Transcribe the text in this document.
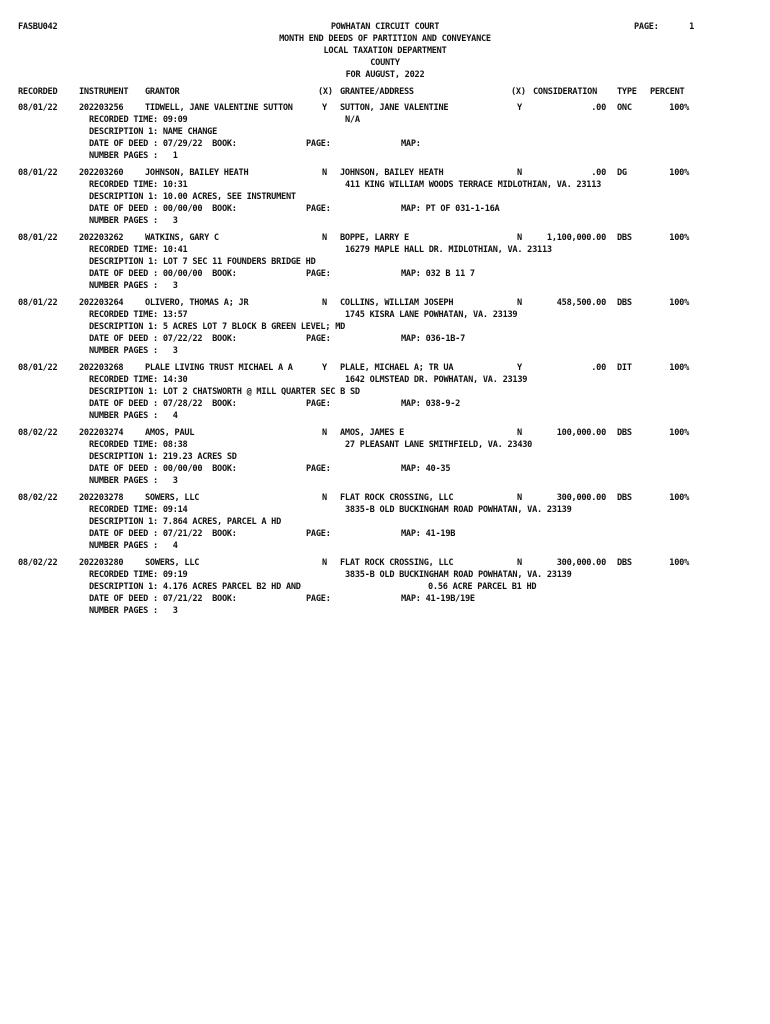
FASBU042	POWHATAN CIRCUIT COURT
MONTH END DEEDS OF PARTITION AND CONVEYANCE
LOCAL TAXATION DEPARTMENT
COUNTY
FOR AUGUST, 2022
PAGE:	1
RECORDED	INSTRUMENT GRANTOR	(X) GRANTEE/ADDRESS	(X) CONSIDERATION TYPE PERCENT
08/01/22	202203256	TIDWELL, JANE VALENTINE SUTTON	Y SUTTON, JANE VALENTINE	Y	.00 ONC	100%
RECORDED TIME: 09:09	N/A
DESCRIPTION 1: NAME CHANGE
DATE OF DEED : 07/29/22  BOOK:	PAGE:	MAP:
NUMBER PAGES :   1
08/01/22	202203260	JOHNSON, BAILEY HEATH	N JOHNSON, BAILEY HEATH	N	.00 DG	100%
RECORDED TIME: 10:31	411 KING WILLIAM WOODS TERRACE MIDLOTHIAN, VA. 23113
DESCRIPTION 1: 10.00 ACRES, SEE INSTRUMENT
DATE OF DEED : 00/00/00  BOOK:	PAGE:	MAP: PT OF 031-1-16A
NUMBER PAGES :   3
08/01/22	202203262	WATKINS, GARY C	N BOPPE, LARRY E	N	1,100,000.00 DBS	100%
RECORDED TIME: 10:41	16279 MAPLE HALL DR. MIDLOTHIAN, VA. 23113
DESCRIPTION 1: LOT 7 SEC 11 FOUNDERS BRIDGE HD
DATE OF DEED : 00/00/00  BOOK:	PAGE:	MAP: 032 B 11 7
NUMBER PAGES :   3
08/01/22	202203264	OLIVERO, THOMAS A; JR	N COLLINS, WILLIAM JOSEPH	N	458,500.00 DBS	100%
RECORDED TIME: 13:57	1745 KISRA LANE POWHATAN, VA. 23139
DESCRIPTION 1: 5 ACRES LOT 7 BLOCK B GREEN LEVEL; MD
DATE OF DEED : 07/22/22  BOOK:	PAGE:	MAP: 036-1B-7
NUMBER PAGES :   3
08/01/22	202203268	PLALE LIVING TRUST MICHAEL A A	Y PLALE, MICHAEL A; TR UA	Y	.00 DIT	100%
RECORDED TIME: 14:30	1642 OLMSTEAD DR. POWHATAN, VA. 23139
DESCRIPTION 1: LOT 2 CHATSWORTH @ MILL QUARTER SEC B SD
DATE OF DEED : 07/28/22  BOOK:	PAGE:	MAP: 038-9-2
NUMBER PAGES :   4
08/02/22	202203274	AMOS, PAUL	N AMOS, JAMES E	N	100,000.00 DBS	100%
RECORDED TIME: 08:38	27 PLEASANT LANE SMITHFIELD, VA. 23430
DESCRIPTION 1: 219.23 ACRES SD
DATE OF DEED : 00/00/00  BOOK:	PAGE:	MAP: 40-35
NUMBER PAGES :   3
08/02/22	202203278	SOWERS, LLC	N FLAT ROCK CROSSING, LLC	N	300,000.00 DBS	100%
RECORDED TIME: 09:14	3835-B OLD BUCKINGHAM ROAD POWHATAN, VA. 23139
DESCRIPTION 1: 7.864 ACRES, PARCEL A HD
DATE OF DEED : 07/21/22  BOOK:	PAGE:	MAP: 41-19B
NUMBER PAGES :   4
08/02/22	202203280	SOWERS, LLC	N FLAT ROCK CROSSING, LLC	N	300,000.00 DBS	100%
RECORDED TIME: 09:19	3835-B OLD BUCKINGHAM ROAD POWHATAN, VA. 23139
DESCRIPTION 1: 4.176 ACRES PARCEL B2 HD AND	0.56 ACRE PARCEL B1 HD
DATE OF DEED : 07/21/22  BOOK:	PAGE:	MAP: 41-19B/19E
NUMBER PAGES :   3
